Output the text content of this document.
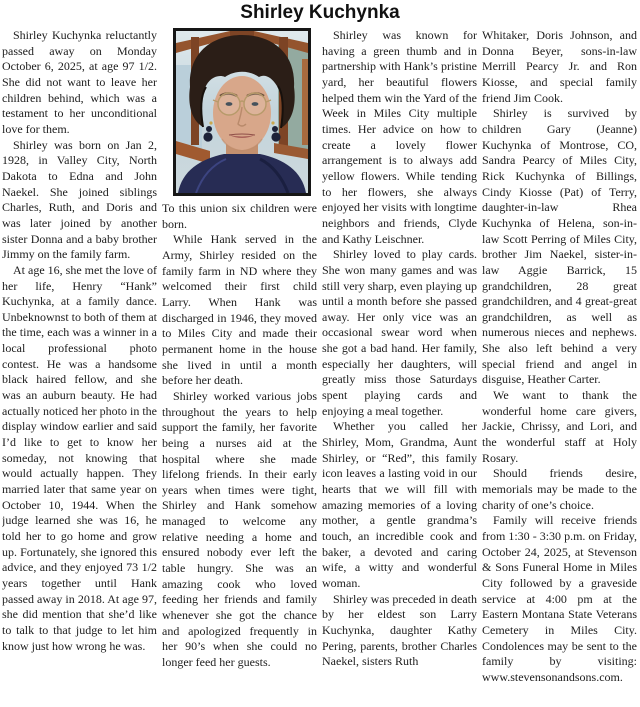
Shirley Kuchynka

Shirley Kuchynka reluctantly passed away on Monday October 6, 2025, at age 97 1/2. She did not want to leave her children behind, which was a testament to her unconditional love for them.

Shirley was born on Jan 2, 1928, in Valley City, North Dakota to Edna and John Naekel. She joined siblings Charles, Ruth, and Doris and was later joined by another sister Donna and a baby brother Jimmy on the family farm.

At age 16, she met the love of her life, Henry “Hank” Kuchynka, at a family dance. Unbeknownst to both of them at the time, each was a winner in a local professional photo contest. He was a handsome black haired fellow, and she was an auburn beauty. He had actually noticed her photo in the display window earlier and said I’d like to get to know her someday, not knowing that would actually happen. They married later that same year on October 10, 1944. When the judge learned she was 16, he told her to go home and grow up. Fortunately, she ignored this advice, and they enjoyed 73 1/2 years together until Hank passed away in 2018. At age 97, she did mention that she’d like to talk to that judge to let him know just how wrong he was.

To this union six children were born.

While Hank served in the Army, Shirley resided on the family farm in ND where they welcomed their first child Larry. When Hank was discharged in 1946, they moved to Miles City and made their permanent home in the house she lived in until a month before her death.

Shirley worked various jobs throughout the years to help support the family, her favorite being a nurses aid at the hospital where she made lifelong friends. In their early years when times were tight, Shirley and Hank somehow managed to welcome any relative needing a home and ensured nobody ever left the table hungry. She was an amazing cook who loved feeding her friends and family whenever she got the chance and apologized frequently in her 90’s when she could no longer feed her guests.

Shirley was known for having a green thumb and in partnership with Hank’s pristine yard, her beautiful flowers helped them win the Yard of the Week in Miles City multiple times. Her advice on how to create a lovely flower arrangement is to always add yellow flowers. While tending to her flowers, she always enjoyed her visits with longtime neighbors and friends, Clyde and Kathy Leischner.

Shirley loved to play cards. She won many games and was still very sharp, even playing up until a month before she passed away. Her only vice was an occasional swear word when she got a bad hand. Her family, especially her daughters, will greatly miss those Saturdays spent playing cards and enjoying a meal together.

Whether you called her Shirley, Mom, Grandma, Aunt Shirley, or “Red”, this family icon leaves a lasting void in our hearts that we will fill with amazing memories of a loving mother, a gentle grandma’s touch, an incredible cook and baker, a devoted and caring wife, a witty and wonderful woman.

Shirley was preceded in death by her eldest son Larry Kuchynka, daughter Kathy Pering, parents, brother Charles Naekel, sisters Ruth

Whitaker, Doris Johnson, and Donna Beyer, sons-in-law Merrill Pearcy Jr. and Ron Kiosse, and special family friend Jim Cook.

Shirley is survived by children Gary (Jeanne) Kuchynka of Montrose, CO, Sandra Pearcy of Miles City, Rick Kuchynka of Billings, Cindy Kiosse (Pat) of Terry, daughter-in-law Rhea Kuchynka of Helena, son-in-law Scott Perring of Miles City, brother Jim Naekel, sister-in-law Aggie Barrick, 15 grandchildren, 28 great grandchildren, and 4 great-great grandchildren, as well as numerous nieces and nephews. She also left behind a very special friend and angel in disguise, Heather Carter.

We want to thank the wonderful home care givers, Jackie, Chrissy, and Lori, and the wonderful staff at Holy Rosary.

Should friends desire, memorials may be made to the charity of one’s choice.

Family will receive friends from 1:30 - 3:30 p.m. on Friday, October 24, 2025, at Stevenson & Sons Funeral Home in Miles City followed by a graveside service at 4:00 pm at the Eastern Montana State Veterans Cemetery in Miles City. Condolences may be sent to the family by visiting: www.stevensonandsons.com.
